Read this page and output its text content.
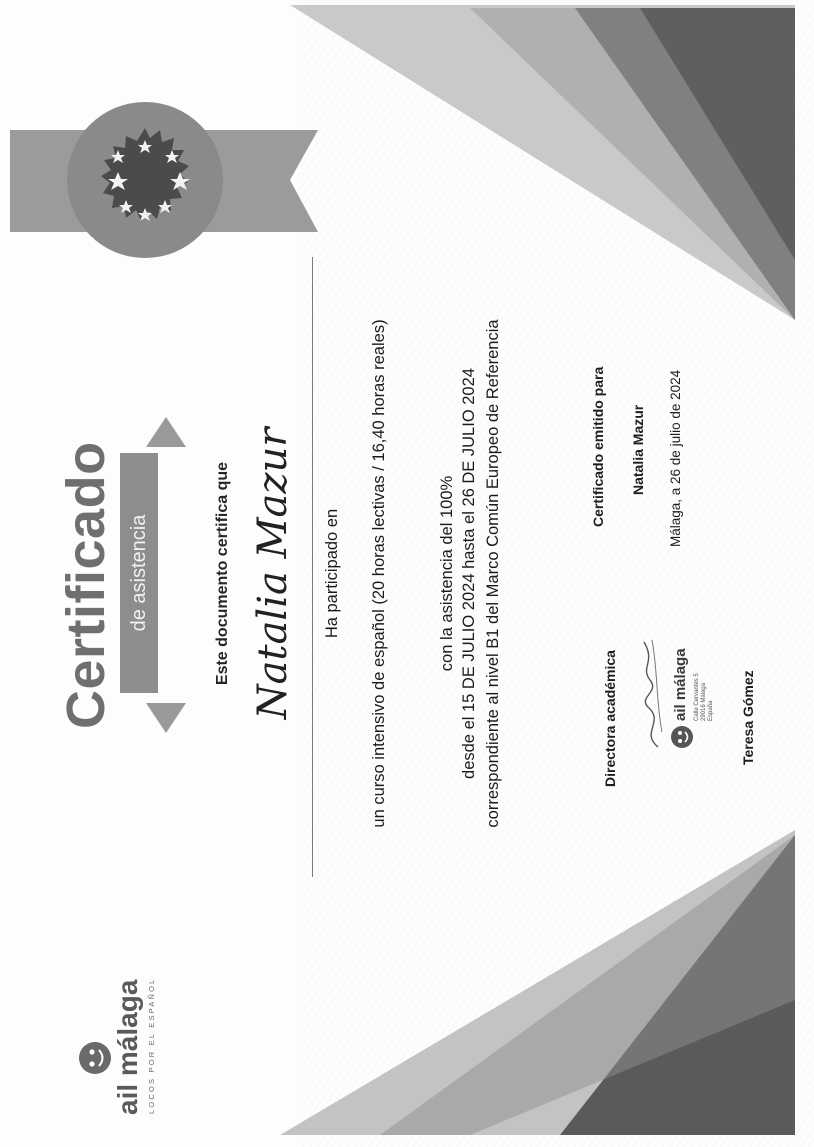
Certificado de asistencia	Este documento certifica que Natalia Mazur Ha participado en un curso intensivo de español (20 horas lectivas / 16,40 horas reales)	con la asistencia del 100% desde el 15 DE JULIO 2024 hasta el 26 DE JULIO 2024 correspondiente al nivel B1 del Marco Común Europeo de Referencia	Directora académica	ail málaga Calle Cervantes 5 29016 Málaga España Teresa Gómez
Certificado emitido para Natalia Mazur Málaga, a 26 de julio de 2024
ail málaga LOCOS POR EL ESPAÑOL
